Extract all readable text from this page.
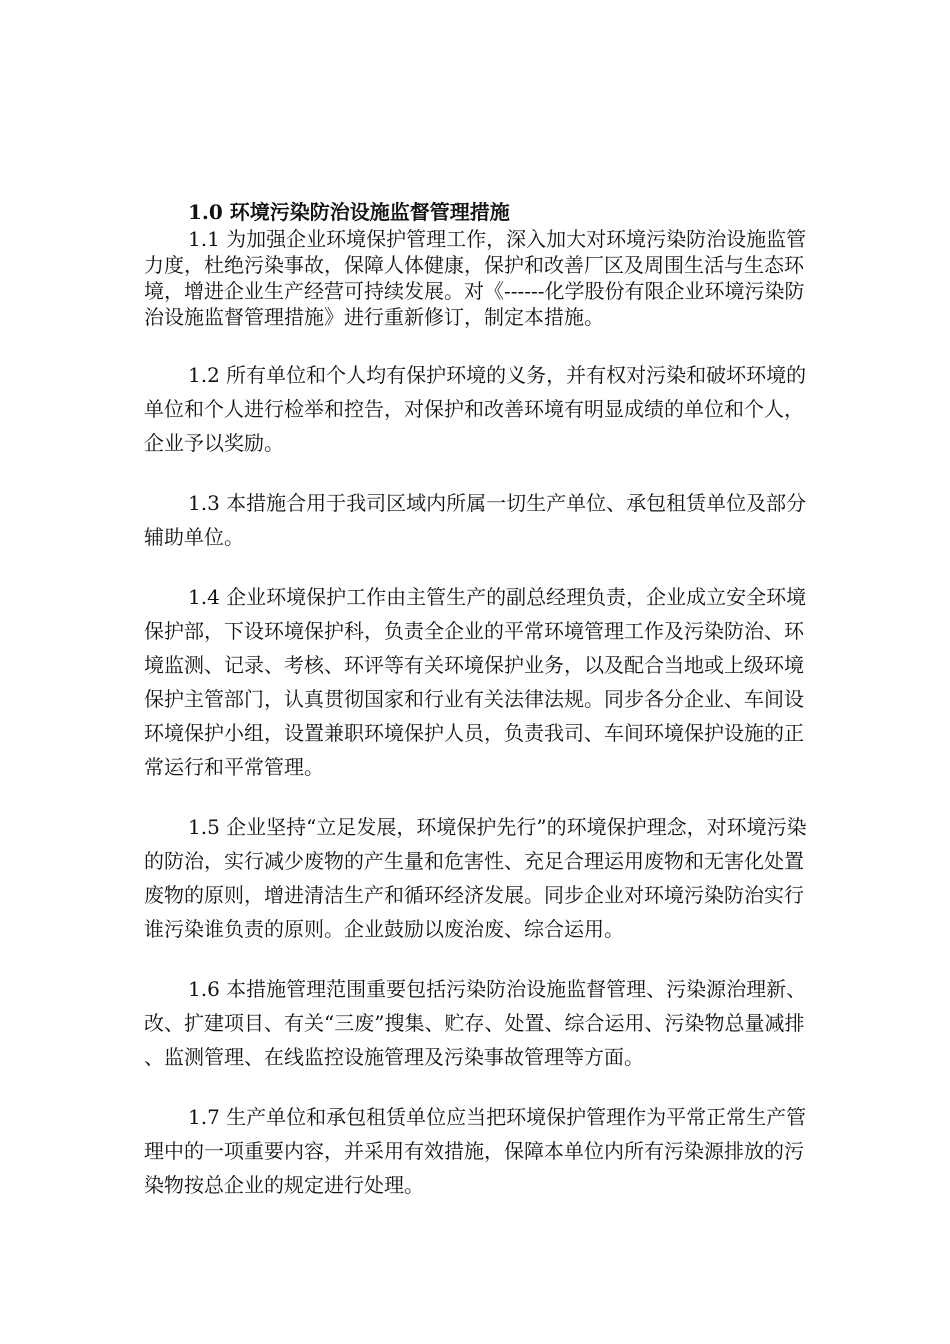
1.0 环境污染防治设施监督管理措施

1.1 为加强企业环境保护管理工作，深入加大对环境污染防治设施监管力度，杜绝污染事故，保障人体健康，保护和改善厂区及周围生活与生态环境，增进企业生产经营可持续发展。对《------化学股份有限企业环境污染防治设施监督管理措施》进行重新修订，制定本措施。

1.2 所有单位和个人均有保护环境的义务，并有权对污染和破坏环境的单位和个人进行检举和控告，对保护和改善环境有明显成绩的单位和个人，企业予以奖励。

1.3 本措施合用于我司区域内所属一切生产单位、承包租赁单位及部分辅助单位。

1.4 企业环境保护工作由主管生产的副总经理负责，企业成立安全环境保护部，下设环境保护科，负责全企业的平常环境管理工作及污染防治、环境监测、记录、考核、环评等有关环境保护业务，以及配合当地或上级环境保护主管部门，认真贯彻国家和行业有关法律法规。同步各分企业、车间设环境保护小组，设置兼职环境保护人员，负责我司、车间环境保护设施的正常运行和平常管理。

1.5 企业坚持“立足发展，环境保护先行”的环境保护理念，对环境污染的防治，实行减少废物的产生量和危害性、充足合理运用废物和无害化处置废物的原则，增进清洁生产和循环经济发展。同步企业对环境污染防治实行谁污染谁负责的原则。企业鼓励以废治废、综合运用。

1.6 本措施管理范围重要包括污染防治设施监督管理、污染源治理新、改、扩建项目、有关“三废”搜集、贮存、处置、综合运用、污染物总量减排、监测管理、在线监控设施管理及污染事故管理等方面。

1.7 生产单位和承包租赁单位应当把环境保护管理作为平常正常生产管理中的一项重要内容，并采用有效措施，保障本单位内所有污染源排放的污染物按总企业的规定进行处理。
